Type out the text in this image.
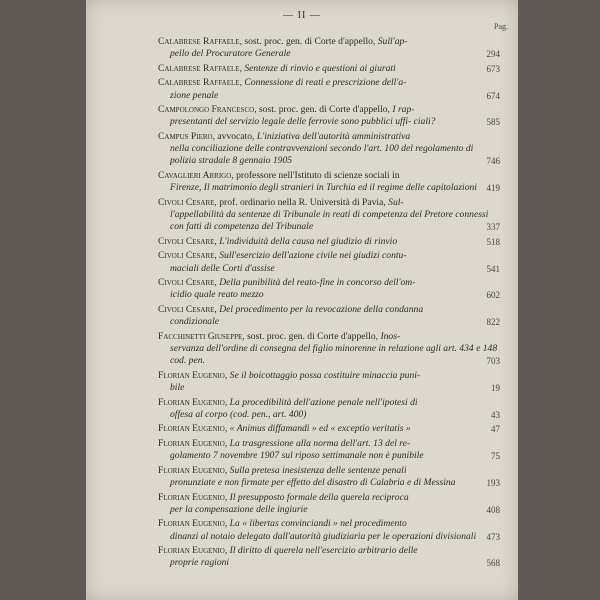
— II —
Pag.
Calabrese Raffaele, sost. proc. gen. di Corte d'appello, Sull'ap-
pello del Procuratore Generale	294
Calabrese Raffaele, Sentenze di rinvio e questioni ai giurati	673
Calabrese Raffaele, Connessione di reati e prescrizione dell'a-
zione penale	674
Campolongo Francesco, sost. proc. gen. di Corte d'appello, I rap-
presentanti del servizio legale delle ferrovie sono pubblici uffi- ciali?	585
Campus Piero, avvocato, L'iniziativa dell'autorità amministrativa
nella conciliazione delle contravvenzioni secondo l'art. 100 del regolamento di polizia stradale 8 gennaio 1905	746
Cavaglieri Arrigo, professore nell'Istituto di scienze sociali in
Firenze, Il matrimonio degli stranieri in Turchia ed il regime delle capitolazioni	419
Civoli Cesare, prof. ordinario nella R. Università di Pavia, Sul-
l'appellabilità da sentenze di Tribunale in reati di competenza del Pretore connessi con fatti di competenza del Tribunale	337
Civoli Cesare, L'individuità della causa nel giudizio di rinvio	518
Civoli Cesare, Sull'esercizio dell'azione civile nei giudizi contu-
maciali delle Corti d'assise	541
Civoli Cesare, Della punibilità del reato-fine in concorso dell'om-
icidio quale reato mezzo	602
Civoli Cesare, Del procedimento per la revocazione della condanna
condizionale	822
Facchinetti Giuseppe, sost. proc. gen. di Corte d'appello, Inos-
servanza dell'ordine di consegna del figlio minorenne in relazione agli art. 434 e 148 cod. pen.	703
Florian Eugenio, Se il boicottaggio possa costituire minaccia puni-
bile	19
Florian Eugenio, La procedibilità dell'azione penale nell'ipotesi di
offesa al corpo (cod. pen., art. 400)	43
Florian Eugenio, « Animus diffamandi » ed « exceptio veritatis »	47
Florian Eugenio, La trasgressione alla norma dell'art. 13 del re-
golamento 7 novembre 1907 sul riposo settimanale non è punibile	75
Florian Eugenio, Sulla pretesa inesistenza delle sentenze penali
pronunziate e non firmate per effetto del disastro di Calabria e di Messina	193
Florian Eugenio, Il presupposto formale della querela reciproca
per la compensazione delle ingiurie	408
Florian Eugenio, La « libertas convinciandi » nel procedimento
dinanzi al notaio delegato dall'autorità giudiziaria per le operazioni divisionali	473
Florian Eugenio, Il diritto di querela nell'esercizio arbitrario delle
proprie ragioni	568
